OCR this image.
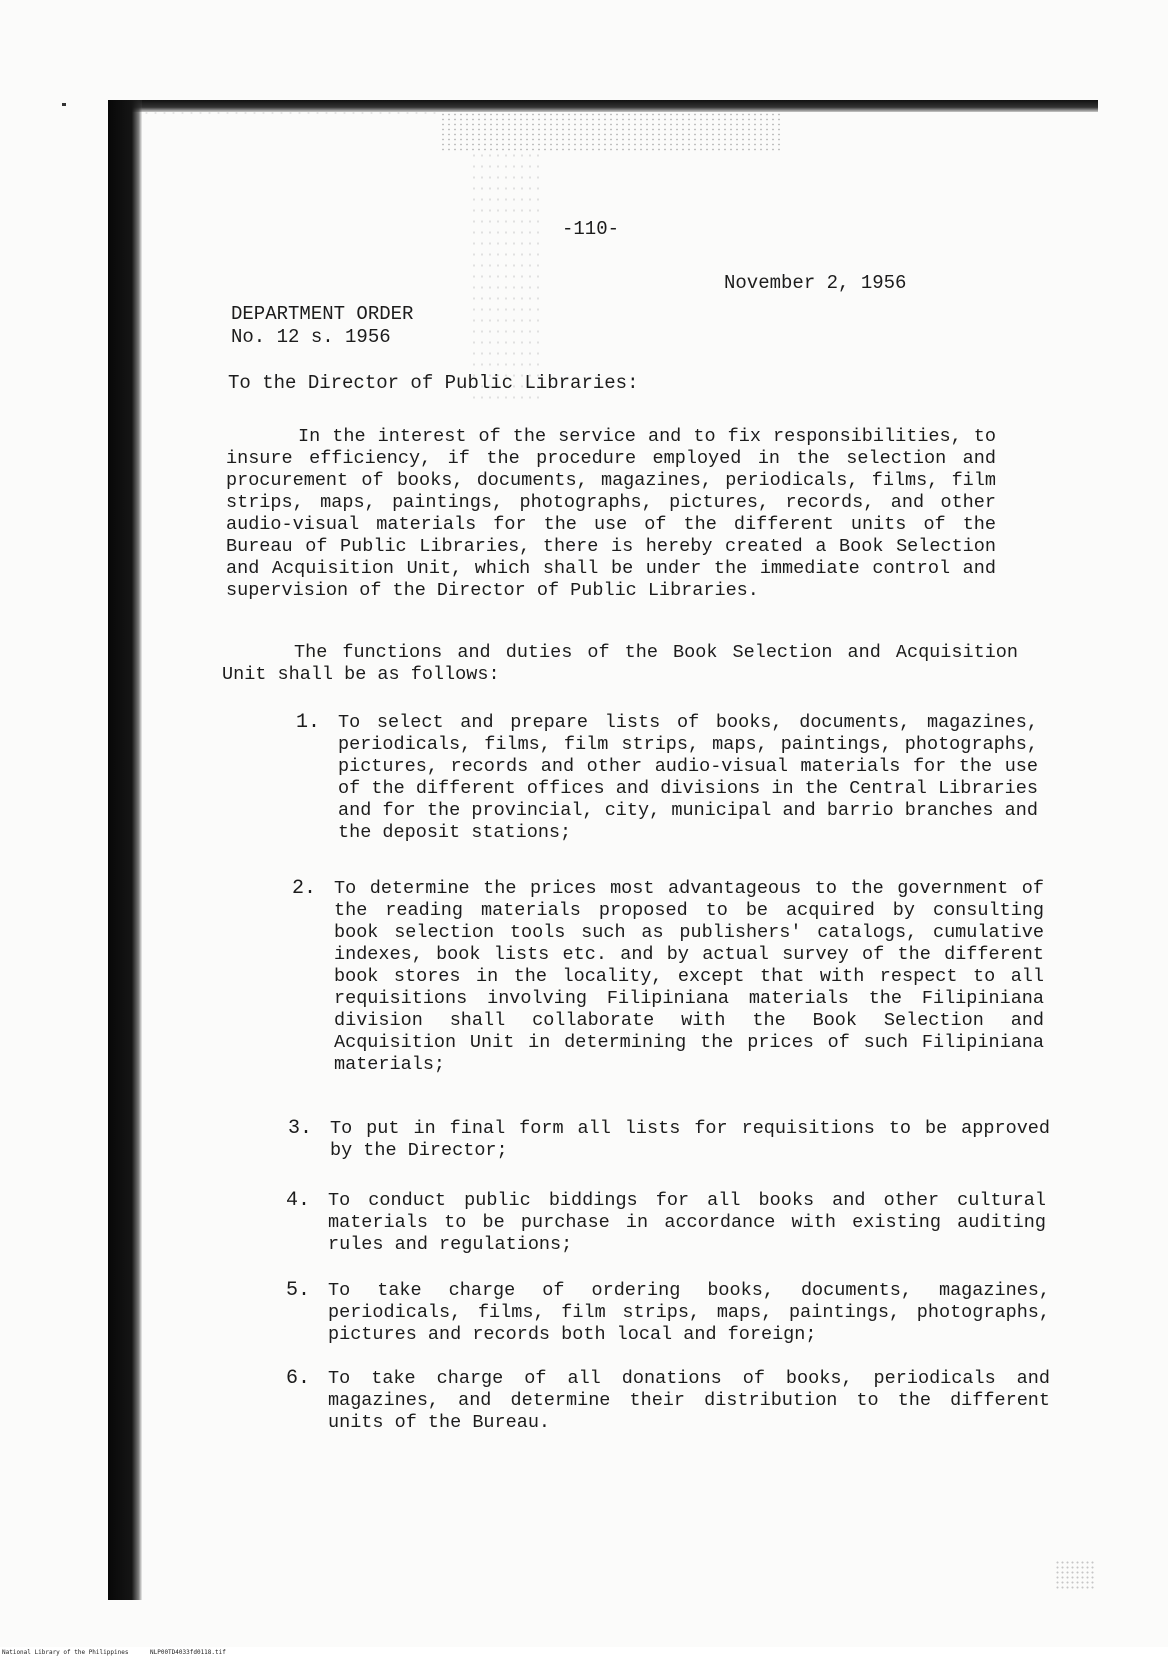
-110-
November 2, 1956
DEPARTMENT ORDER
No. 12 s. 1956
To the Director of Public Libraries:
In the interest of the service and to fix responsibilities, to insure efficiency, if the procedure employed in the selection and procurement of books, documents, magazines, periodicals, films, film strips, maps, paintings, photographs, pictures, records, and other audio-visual materials for the use of the different units of the Bureau of Public Libraries, there is hereby created a Book Selection and Acquisition Unit, which shall be under the immediate control and supervision of the Director of Public Libraries.
The functions and duties of the Book Selection and Acquisition Unit shall be as follows:
1. To select and prepare lists of books, documents, magazines, periodicals, films, film strips, maps, paintings, photographs, pictures, records and other audio-visual materials for the use of the different offices and divisions in the Central Libraries and for the provincial, city, municipal and barrio branches and the deposit stations;
2. To determine the prices most advantageous to the government of the reading materials proposed to be acquired by consulting book selection tools such as publishers' catalogs, cumulative indexes, book lists etc. and by actual survey of the different book stores in the locality, except that with respect to all requisitions involving Filipiniana materials the Filipiniana division shall collaborate with the Book Selection and Acquisition Unit in determining the prices of such Filipiniana materials;
3. To put in final form all lists for requisitions to be approved by the Director;
4. To conduct public biddings for all books and other cultural materials to be purchase in accordance with existing auditing rules and regulations;
5. To take charge of ordering books, documents, magazines, periodicals, films, film strips, maps, paintings, photographs, pictures and records both local and foreign;
6. To take charge of all donations of books, periodicals and magazines, and determine their distribution to the different units of the Bureau.
National Library of the Philippines	NLP00TD4033fd0118.tif
